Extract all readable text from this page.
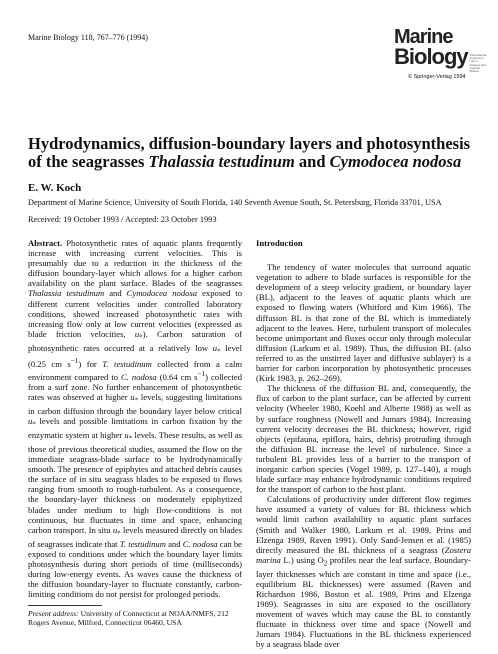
Marine Biology 118, 767–776 (1994)	Marine
Biology International Journal on Life in Oceans and Coastal Waters
© Springer-Verlag 1994
Hydrodynamics, diffusion-boundary layers and photosynthesis of the seagrasses Thalassia testudinum and Cymodocea nodosa
E. W. Koch
Department of Marine Science, University of South Florida, 140 Seventh Avenue South, St. Petersburg, Florida 33701, USA
Received: 19 October 1993 / Accepted: 23 October 1993

Abstract. Photosynthetic rates of aquatic plants frequently increase with increasing current velocities. This is presumably due to a reduction in the thickness of the diffusion boundary-layer which allows for a higher carbon availability on the plant surface. Blades of the seagrasses Thalassia testudinum and Cymodocea nodosa exposed to different current velocities under controlled laboratory conditions, showed increased photosynthetic rates with increasing flow only at low current velocities (expressed as blade friction velocities, $u_*$). Carbon saturation of photosynthetic rates occurred at a relatively low $u_*$ level (0.25 cm $s^{-1}$) for T. testudinum collected from a calm environment compared to C. nodosa (0.64 cm $s^{-1}$) collected from a surf zone. No further enhancement of photosynthetic rates was observed at higher $u_*$ levels, suggesting limitations in carbon diffusion through the boundary layer below critical $u_*$ levels and possible limitations in carbon fixation by the enzymatic system at higher $u_*$ levels. These results, as well as those of previous theoretical studies, assumed the flow on the immediate seagrass-blade surface to be hydrodynamically smooth. The presence of epiphytes and attached debris causes the surface of in situ seagrass blades to be exposed to flows ranging from smooth to rough-turbulent. As a consequence, the boundary-layer thickness on moderately epiphytized blades under medium to high flow-conditions is not continuous, but fluctuates in time and space, enhancing carbon transport. In situ $u_*$ levels measured directly on blades of seagrasses indicate that T. testudinum and C. nodosa can be exposed to conditions under which the boundary layer limits photosynthesis during short periods of time (milliseconds) during low-energy events. As waves cause the thickness of the diffusion boundary-layer to fluctuate constantly, carbon-limiting conditions do not persist for prolonged periods.

Introduction

The tendency of water molecules that surround aquatic vegetation to adhere to blade surfaces is responsible for the development of a steep velocity gradient, or boundary layer (BL), adjacent to the leaves of aquatic plants which are exposed to flowing waters (Whitford and Kim 1966). The diffusion BL is that zone of the BL which is immediately adjacent to the leaves. Here, turbulent transport of molecules become unimportant and fluxes occur only through molecular diffusion (Larkum et al. 1989). Thus, the diffusion BL (also referred to as the unstirred layer and diffusive sublayer) is a barrier for carbon incorporation by photosynthetic processes (Kirk 1983, p. 262–269).

The thickness of the diffusion BL and, consequently, the flux of carbon to the plant surface, can be affected by current velocity (Wheeler 1980, Koehl and Alberte 1988) as well as by surface roughness (Nowell and Jumars 1984). Increasing current velocity decreases the BL thickness; however, rigid objects (epifauna, epiflora, hairs, debris) protruding through the diffusion BL increase the level of turbulence. Since a turbulent BL provides less of a barrier to the transport of inorganic carbon species (Vogel 1989, p. 127–140), a rough blade surface may enhance hydrodynamic conditions required for the transport of carbon to the host plant.

Calculations of productivity under different flow regimes have assumed a variety of values for BL thickness which would limit carbon availability to aquatic plant surfaces (Smith and Walker 1980, Larkum et al. 1989, Prins and Elzenga 1989, Raven 1991). Only Sand-Jensen et al. (1985) directly measured the BL thickness of a seagrass (Zostera marina L.) using $O_2$ profiles near the leaf surface. Boundary-layer thicknesses which are constant in time and space (i.e., equilibrium BL thicknesses) were assumed (Raven and Richardson 1986, Boston et al. 1989, Prins and Elzenga 1989). Seagrasses in situ are exposed to the oscillatory movement of waves which may cause the BL to constantly fluctuate in thickness over time and space (Nowell and Jumars 1984). Fluctuations in the BL thickness experienced by a seagrass blade over

Present address: University of Connecticut at NOAA/NMFS, 212 Rogers Avenue, Milford, Connecticut 06460, USA
